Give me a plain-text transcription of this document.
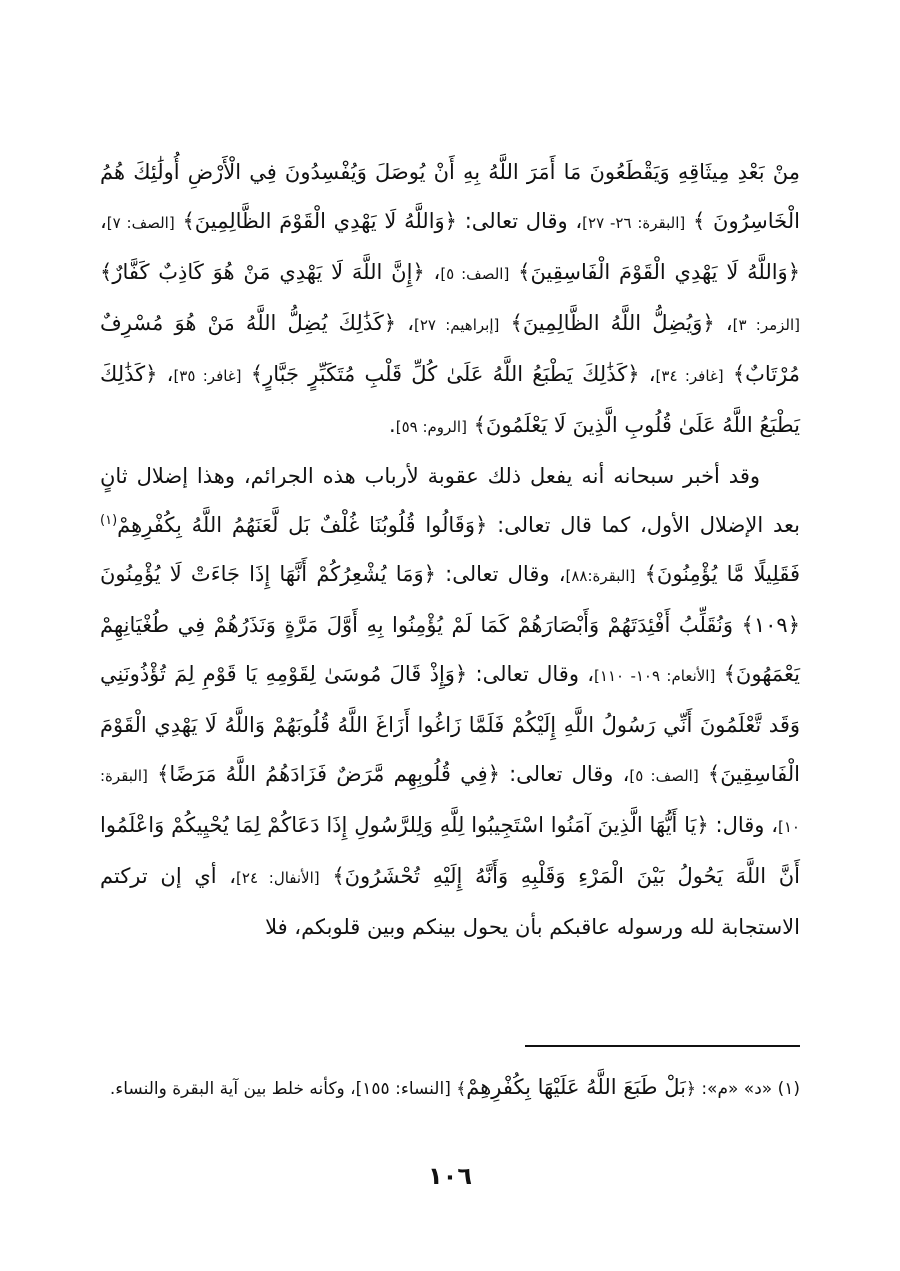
مِنْ بَعْدِ مِيثَاقِهِ وَيَقْطَعُونَ مَا أَمَرَ اللَّهُ بِهِ أَنْ يُوصَلَ وَيُفْسِدُونَ فِي الْأَرْضِ أُولَٰئِكَ هُمُ الْخَاسِرُونَ ﴾ [البقرة: ٢٦- ٢٧]، وقال تعالى: ﴿وَاللَّهُ لَا يَهْدِي الْقَوْمَ الظَّالِمِينَ﴾ [الصف: ٧]، ﴿وَاللَّهُ لَا يَهْدِي الْقَوْمَ الْفَاسِقِينَ﴾ [الصف: ٥]، ﴿إِنَّ اللَّهَ لَا يَهْدِي مَنْ هُوَ كَاذِبٌ كَفَّارٌ﴾ [الزمر: ٣]، ﴿وَيُضِلُّ اللَّهُ الظَّالِمِينَ﴾ [إبراهيم: ٢٧]، ﴿كَذَٰلِكَ يُضِلُّ اللَّهُ مَنْ هُوَ مُسْرِفٌ مُرْتَابٌ﴾ [غافر: ٣٤]، ﴿كَذَٰلِكَ يَطْبَعُ اللَّهُ عَلَىٰ كُلِّ قَلْبِ مُتَكَبِّرٍ جَبَّارٍ﴾ [غافر: ٣٥]، ﴿كَذَٰلِكَ يَطْبَعُ اللَّهُ عَلَىٰ قُلُوبِ الَّذِينَ لَا يَعْلَمُونَ﴾ [الروم: ٥٩].

وقد أخبر سبحانه أنه يفعل ذلك عقوبة لأرباب هذه الجرائم، وهذا إضلال ثانٍ بعد الإضلال الأول، كما قال تعالى: ﴿وَقَالُوا قُلُوبُنَا غُلْفٌ بَل لَّعَنَهُمُ اللَّهُ بِكُفْرِهِمْ$^{(١)}$ فَقَلِيلًا مَّا يُؤْمِنُونَ﴾ [البقرة:٨٨]، وقال تعالى: ﴿وَمَا يُشْعِرُكُمْ أَنَّهَا إِذَا جَاءَتْ لَا يُؤْمِنُونَ ﴿١٠٩﴾ وَنُقَلِّبُ أَفْئِدَتَهُمْ وَأَبْصَارَهُمْ كَمَا لَمْ يُؤْمِنُوا بِهِ أَوَّلَ مَرَّةٍ وَنَذَرُهُمْ فِي طُغْيَانِهِمْ يَعْمَهُونَ﴾ [الأنعام: ١٠٩- ١١٠]، وقال تعالى: ﴿وَإِذْ قَالَ مُوسَىٰ لِقَوْمِهِ يَا قَوْمِ لِمَ تُؤْذُونَنِي وَقَد تَّعْلَمُونَ أَنِّي رَسُولُ اللَّهِ إِلَيْكُمْ فَلَمَّا زَاغُوا أَزَاغَ اللَّهُ قُلُوبَهُمْ وَاللَّهُ لَا يَهْدِي الْقَوْمَ الْفَاسِقِينَ﴾ [الصف: ٥]، وقال تعالى: ﴿فِي قُلُوبِهِم مَّرَضٌ فَزَادَهُمُ اللَّهُ مَرَضًا﴾ [البقرة: ١٠]، وقال: ﴿يَا أَيُّهَا الَّذِينَ آمَنُوا اسْتَجِيبُوا لِلَّهِ وَلِلرَّسُولِ إِذَا دَعَاكُمْ لِمَا يُحْيِيكُمْ وَاعْلَمُوا أَنَّ اللَّهَ يَحُولُ بَيْنَ الْمَرْءِ وَقَلْبِهِ وَأَنَّهُ إِلَيْهِ تُحْشَرُونَ﴾ [الأنفال: ٢٤]، أي إن تركتم الاستجابة لله ورسوله عاقبكم بأن يحول بينكم وبين قلوبكم، فلا

(١) «د» «م»: ﴿بَلْ طَبَعَ اللَّهُ عَلَيْهَا بِكُفْرِهِمْ﴾ [النساء: ١٥٥]، وكأنه خلط بين آية البقرة والنساء.

١٠٦
